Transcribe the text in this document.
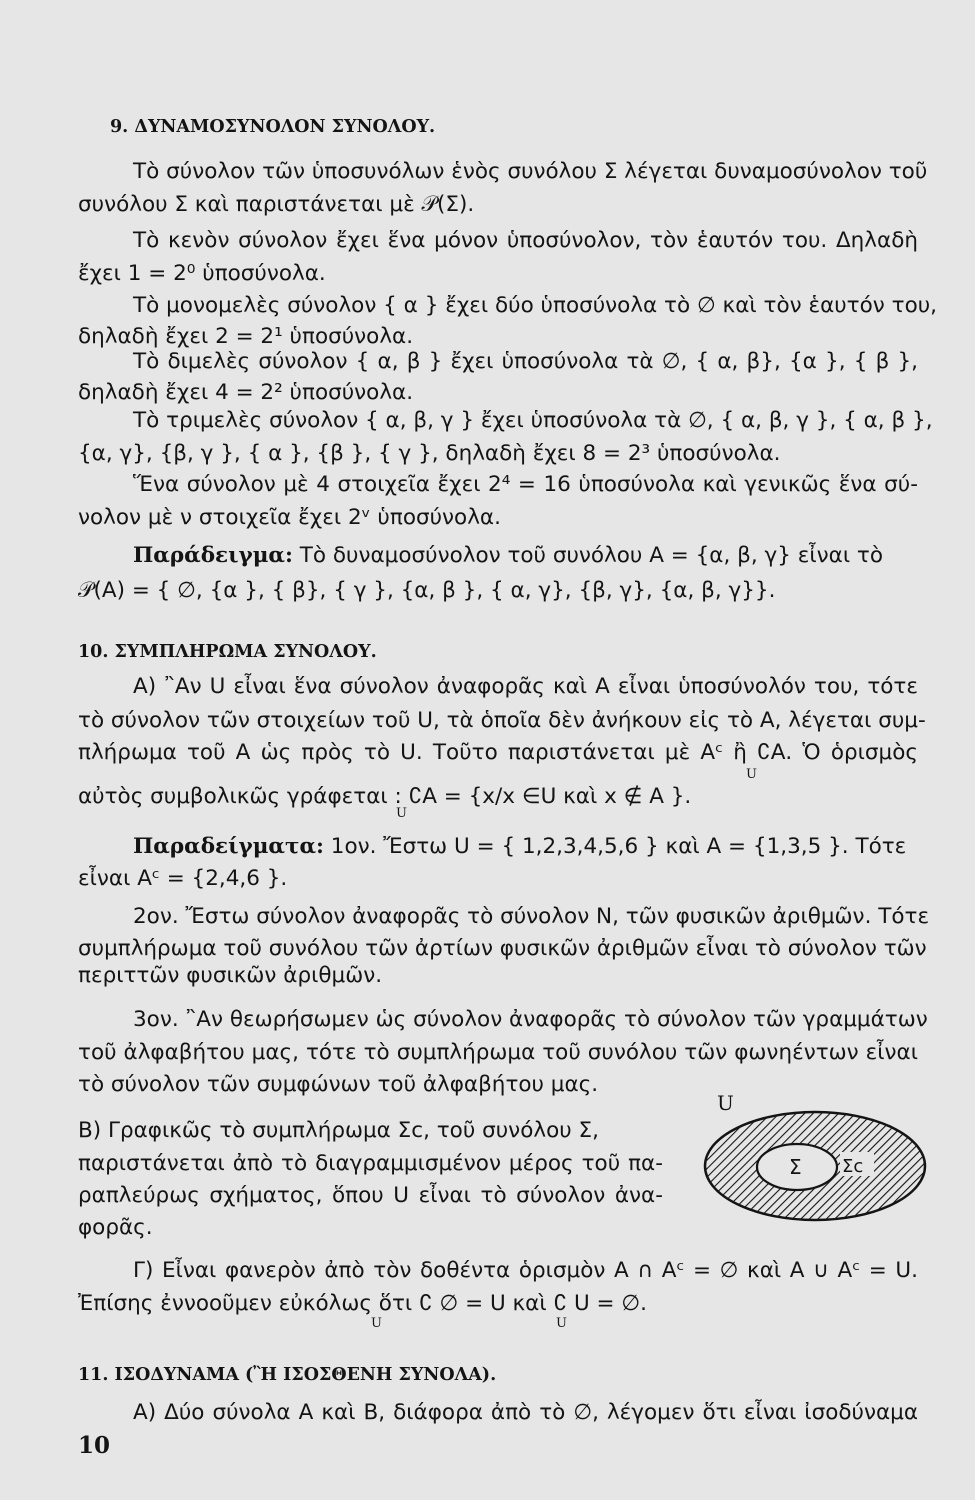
9. ΔΥΝΑΜΟΣΥΝΟΛΟΝ ΣΥΝΟΛΟΥ.
Τὸ σύνολον τῶν ὑποσυνόλων ἑνὸς συνόλου Σ λέγεται δυναμοσύνολον τοῦ
συνόλου Σ καὶ παριστάνεται μὲ 𝒫(Σ).
Τὸ κενὸν σύνολον ἔχει ἕνα μόνον ὑποσύνολον, τὸν ἑαυτόν του. Δηλαδὴ
ἔχει 1 = 2⁰ ὑποσύνολα.
Τὸ μονομελὲς σύνολον { α } ἔχει δύο ὑποσύνολα τὸ ∅ καὶ τὸν ἑαυτόν του,
δηλαδὴ ἔχει 2 = 2¹ ὑποσύνολα.
Τὸ διμελὲς σύνολον { α, β } ἔχει ὑποσύνολα τὰ ∅, { α, β}, {α }, { β },
δηλαδὴ ἔχει 4 = 2² ὑποσύνολα.
Τὸ τριμελὲς σύνολον { α, β, γ } ἔχει ὑποσύνολα τὰ ∅, { α, β, γ }, { α, β },
{α, γ}, {β, γ }, { α }, {β }, { γ }, δηλαδὴ ἔχει 8 = 2³ ὑποσύνολα.
Ἕνα σύνολον μὲ 4 στοιχεῖα ἔχει 2⁴ = 16 ὑποσύνολα καὶ γενικῶς ἕνα σύ-
νολον μὲ ν στοιχεῖα ἔχει 2ᵛ ὑποσύνολα.
Παράδειγμα: Τὸ δυναμοσύνολον τοῦ συνόλου Α = {α, β, γ} εἶναι τὸ
𝒫(Α) = { ∅, {α }, { β}, { γ }, {α, β }, { α, γ}, {β, γ}, {α, β, γ}}.
10. ΣΥΜΠΛΗΡΩΜΑ ΣΥΝΟΛΟΥ.
Α) ῍Αν U εἶναι ἕνα σύνολον ἀναφορᾶς καὶ Α εἶναι ὑποσύνολόν του, τότε
τὸ σύνολον τῶν στοιχείων τοῦ U, τὰ ὁποῖα δὲν ἀνήκουν εἰς τὸ Α, λέγεται συμ-
πλήρωμα τοῦ Α ὡς πρὸς τὸ U. Τοῦτο παριστάνεται μὲ Αᶜ ἢ ∁Α. Ὁ ὁρισμὸς
U
αὐτὸς συμβολικῶς γράφεται : ∁Α = {x/x ∈U καὶ x ∉ Α }.
U
Παραδείγματα: 1ον. Ἔστω U = { 1,2,3,4,5,6 } καὶ Α = {1,3,5 }. Τότε
εἶναι Αᶜ = {2,4,6 }.
2ον. Ἔστω σύνολον ἀναφορᾶς τὸ σύνολον Ν, τῶν φυσικῶν ἀριθμῶν. Τότε
συμπλήρωμα τοῦ συνόλου τῶν ἀρτίων φυσικῶν ἀριθμῶν εἶναι τὸ σύνολον τῶν
περιττῶν φυσικῶν ἀριθμῶν.
3ον. ῍Αν θεωρήσωμεν ὡς σύνολον ἀναφορᾶς τὸ σύνολον τῶν γραμμάτων
τοῦ ἀλφαβήτου μας, τότε τὸ συμπλήρωμα τοῦ συνόλου τῶν φωνηέντων εἶναι
τὸ σύνολον τῶν συμφώνων τοῦ ἀλφαβήτου μας.
Β) Γραφικῶς τὸ συμπλήρωμα Σc, τοῦ συνόλου Σ,
παριστάνεται ἀπὸ τὸ διαγραμμισμένον μέρος τοῦ πα-
ραπλεύρως σχήματος, ὅπου U εἶναι τὸ σύνολον ἀνα-
φορᾶς.
U
Σ Σc
Γ) Εἶναι φανερὸν ἀπὸ τὸν δοθέντα ὁρισμὸν Α ∩ Αᶜ = ∅ καὶ Α ∪ Αᶜ = U.
Ἐπίσης ἐννοοῦμεν εὐκόλως ὅτι ∁ ∅ = U καὶ ∁ U = ∅.
U	U
11. ΙΣΟΔΥΝΑΜΑ (Ἢ ΙΣΟΣΘΕΝΗ ΣΥΝΟΛΑ).
Α) Δύο σύνολα Α καὶ Β, διάφορα ἀπὸ τὸ ∅, λέγομεν ὅτι εἶναι ἰσοδύναμα
10
